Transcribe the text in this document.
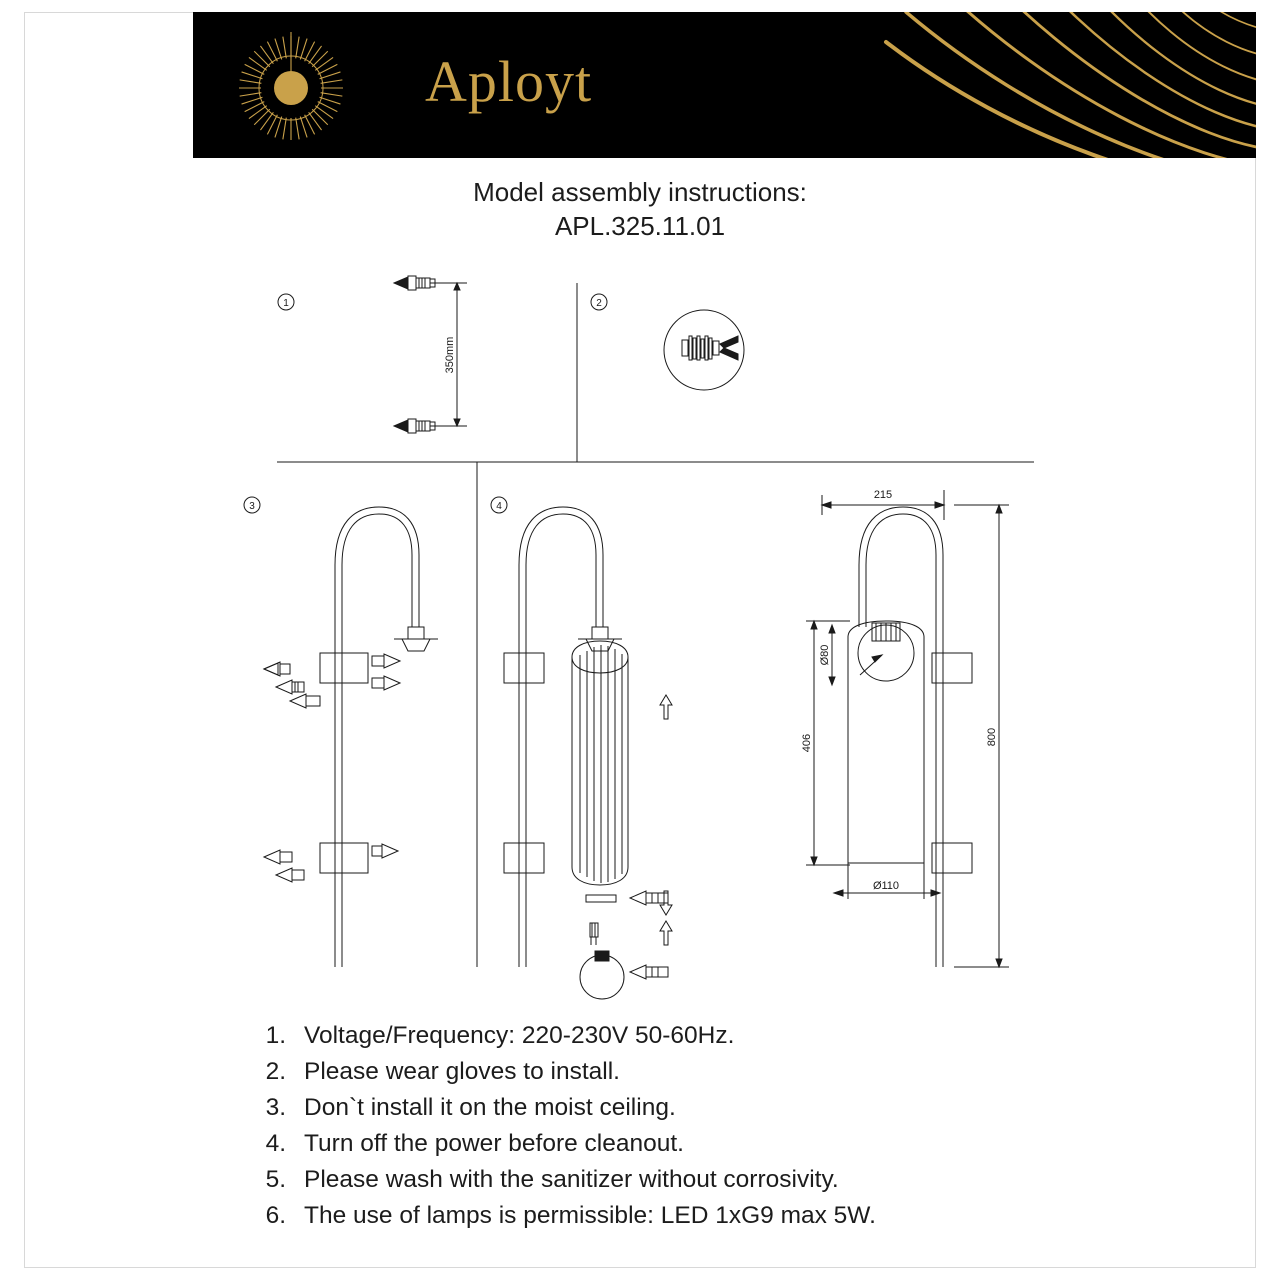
Aployt
Model assembly instructions:
APL.325.11.01
1
350mm
2
3	4
215
Ø80
406
Ø110
800
1. Voltage/Frequency: 220-230V 50-60Hz.
2. Please wear gloves to install.
3. Don`t install it on the moist ceiling.
4. Turn off the power before cleanout.
5. Please wash with the sanitizer without corrosivity.
6. The use of lamps is permissible: LED 1xG9 max 5W.
